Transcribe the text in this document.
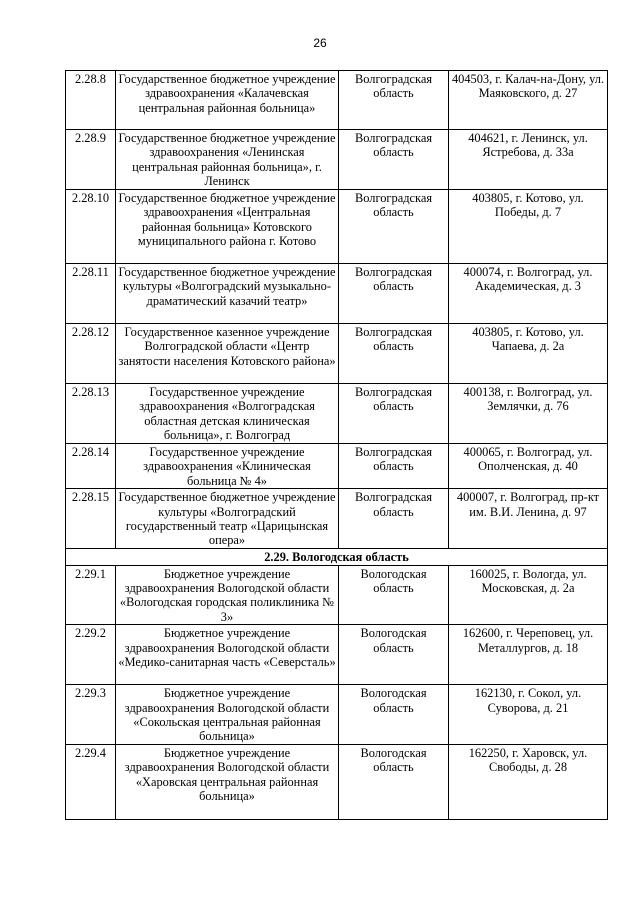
26
2.28.8	Государственное бюджетное учреждение здравоохранения «Калачевская центральная районная больница»	Волгоградская область	404503, г. Калач-на-Дону, ул. Маяковского, д. 27
2.28.9	Государственное бюджетное учреждение здравоохранения «Ленинская центральная районная больница», г. Ленинск	Волгоградская область	404621, г. Ленинск, ул. Ястребова, д. 33а
2.28.10	Государственное бюджетное учреждение здравоохранения «Центральная районная больница» Котовского муниципального района г. Котово	Волгоградская область	403805, г. Котово, ул. Победы, д. 7
2.28.11	Государственное бюджетное учреждение культуры «Волгоградский музыкально-драматический казачий театр»	Волгоградская область	400074, г. Волгоград, ул. Академическая, д. 3
2.28.12	Государственное казенное учреждение Волгоградской области «Центр занятости населения Котовского района»	Волгоградская область	403805, г. Котово, ул. Чапаева, д. 2а
2.28.13	Государственное учреждение здравоохранения «Волгоградская областная детская клиническая больница», г. Волгоград	Волгоградская область	400138, г. Волгоград, ул. Землячки, д. 76
2.28.14	Государственное учреждение здравоохранения «Клиническая больница № 4»	Волгоградская область	400065, г. Волгоград, ул. Ополченская, д. 40
2.28.15	Государственное бюджетное учреждение культуры «Волгоградский государственный театр «Царицынская опера»	Волгоградская область	400007, г. Волгоград, пр-кт им. В.И. Ленина, д. 97
2.29. Вологодская область			
2.29.1	Бюджетное учреждение здравоохранения Вологодской области «Вологодская городская поликлиника № 3»	Вологодская область	160025, г. Вологда, ул. Московская, д. 2а
2.29.2	Бюджетное учреждение здравоохранения Вологодской области «Медико-санитарная часть «Северсталь»	Вологодская область	162600, г. Череповец, ул. Металлургов, д. 18
2.29.3	Бюджетное учреждение здравоохранения Вологодской области «Сокольская центральная районная больница»	Вологодская область	162130, г. Сокол, ул. Суворова, д. 21
2.29.4	Бюджетное учреждение здравоохранения Вологодской области «Харовская центральная районная больница»	Вологодская область	162250, г. Харовск, ул. Свободы, д. 28
